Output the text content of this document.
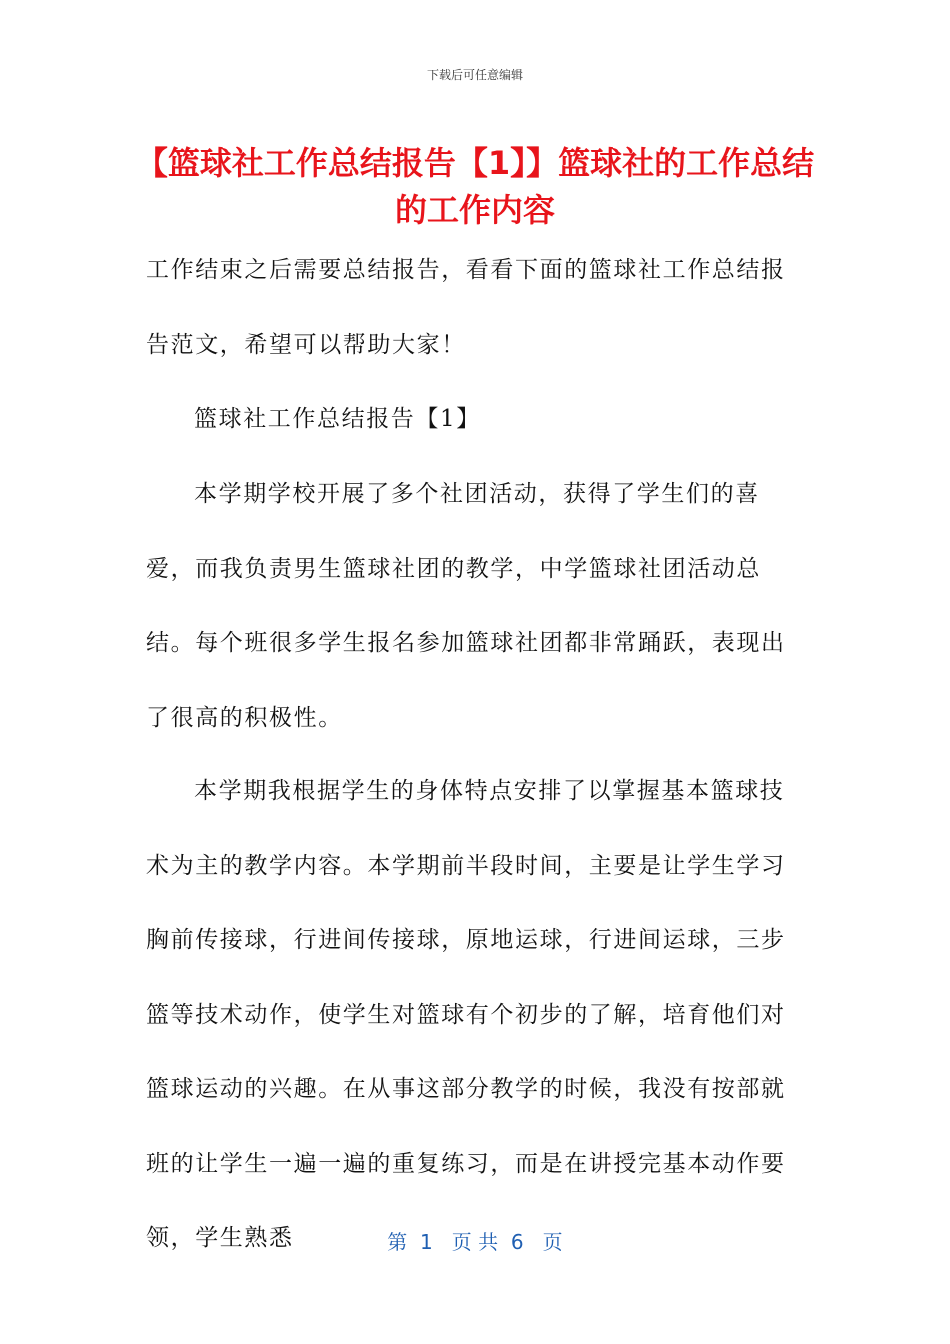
下载后可任意编辑
【篮球社工作总结报告【1】】篮球社的工作总结的工作内容

工作结束之后需要总结报告，看看下面的篮球社工作总结报告范文，希望可以帮助大家！

篮球社工作总结报告【1】

本学期学校开展了多个社团活动，获得了学生们的喜爱，而我负责男生篮球社团的教学，中学篮球社团活动总结。每个班很多学生报名参加篮球社团都非常踊跃，表现出了很高的积极性。

本学期我根据学生的身体特点安排了以掌握基本篮球技术为主的教学内容。本学期前半段时间，主要是让学生学习胸前传接球，行进间传接球，原地运球，行进间运球，三步篮等技术动作，使学生对篮球有个初步的了解，培育他们对篮球运动的兴趣。在从事这部分教学的时候，我没有按部就班的让学生一遍一遍的重复练习，而是在讲授完基本动作要领，学生熟悉	第  1   页 共  6   页
